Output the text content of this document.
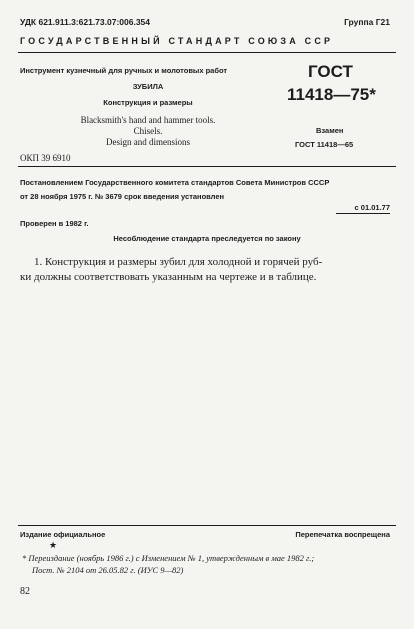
УДК 621.911.3:621.73.07:006.354	Группа Г21
ГОСУДАРСТВЕННЫЙ СТАНДАРТ СОЮЗА ССР
Инструмент кузнечный для ручных и молотовых работ
ЗУБИЛА
Конструкция и размеры
Blacksmith's hand and hammer tools.
Chisels.
Design and dimensions
ГОСТ
11418—75*
Взамен
ГОСТ 11418—65
ОКП 39 6910
Постановлением Государственного комитета стандартов Совета Министров СССР
от 28 ноября 1975 г. № 3679 срок введения установлен
с 01.01.77
Проверен в 1982 г.
Несоблюдение стандарта преследуется по закону
1. Конструкция и размеры зубил для холодной и горячей руб-
ки должны соответствовать указанным на чертеже и в таблице.
Издание официальное	Перепечатка воспрещена
★
* Переиздание (ноябрь 1986 г.) с Изменением № 1, утвержденным в мае 1982 г.;
Пост. № 2104 от 26.05.82 г. (ИУС 9—82)
82
